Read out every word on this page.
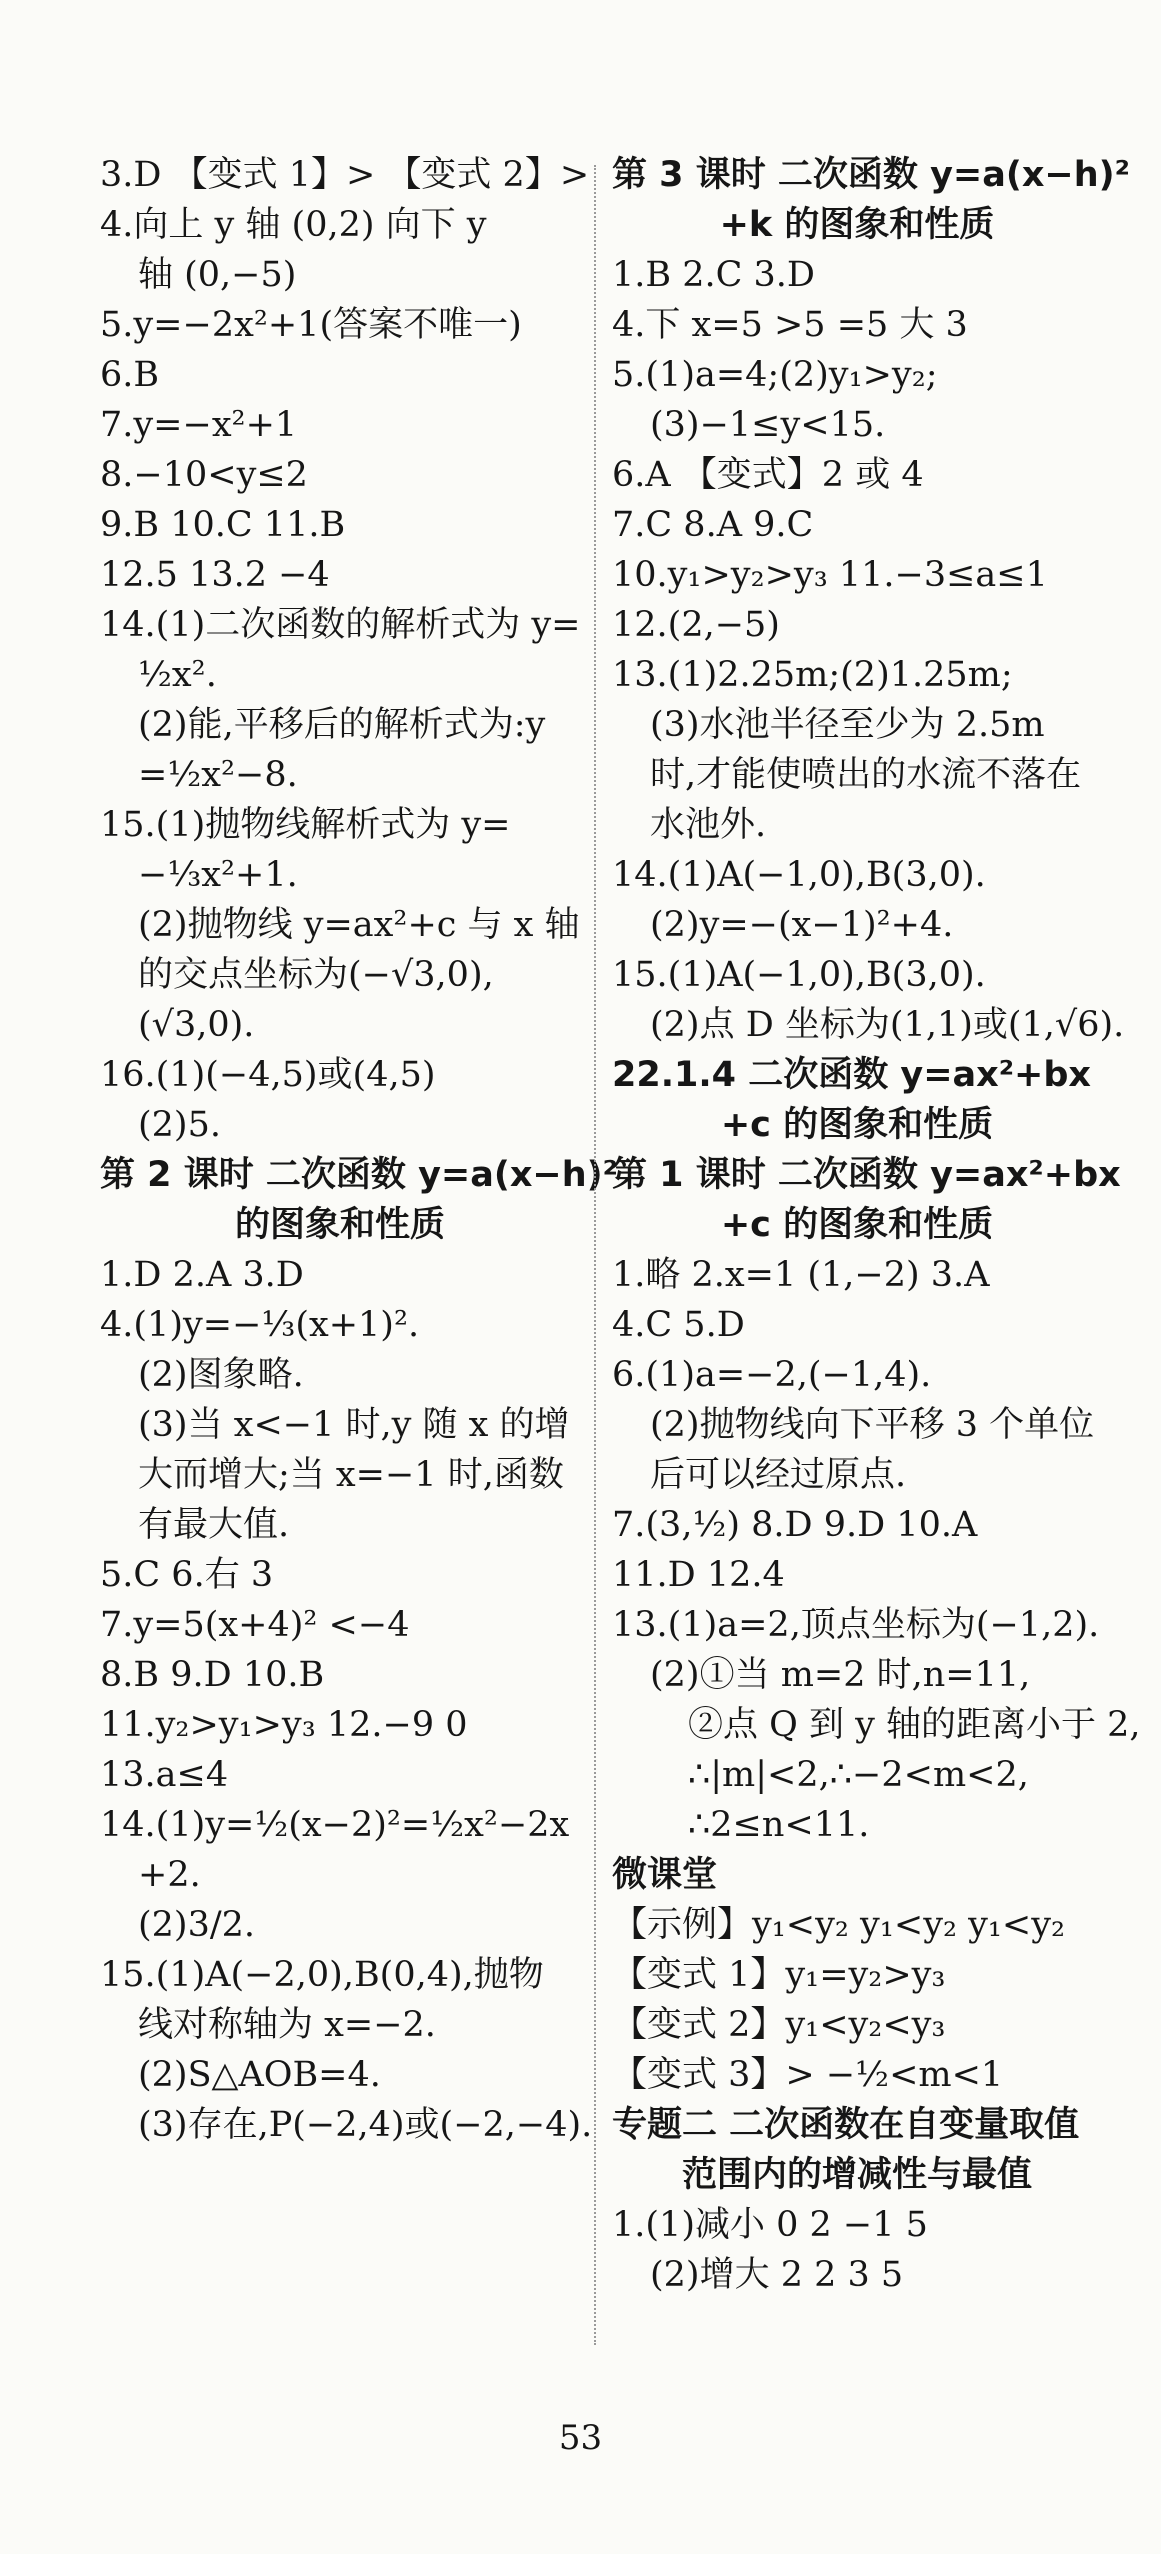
3.D 【变式 1】> 【变式 2】>
4.向上 y 轴 (0,2) 向下 y
轴 (0,−5)
5.y=−2x²+1(答案不唯一)
6.B
7.y=−x²+1
8.−10<y≤2
9.B 10.C 11.B
12.5 13.2 −4
14.(1)二次函数的解析式为 y=
½x².
(2)能,平移后的解析式为:y
=½x²−8.
15.(1)抛物线解析式为 y=
−⅓x²+1.
(2)抛物线 y=ax²+c 与 x 轴
的交点坐标为(−√3,0),
(√3,0).
16.(1)(−4,5)或(4,5)
(2)5.
第 2 课时 二次函数 y=a(x−h)²
的图象和性质
1.D 2.A 3.D
4.(1)y=−⅓(x+1)².
(2)图象略.
(3)当 x<−1 时,y 随 x 的增
大而增大;当 x=−1 时,函数
有最大值.
5.C 6.右 3
7.y=5(x+4)² <−4
8.B 9.D 10.B
11.y₂>y₁>y₃ 12.−9 0
13.a≤4
14.(1)y=½(x−2)²=½x²−2x
+2.
(2)3/2.
15.(1)A(−2,0),B(0,4),抛物
线对称轴为 x=−2.
(2)S△AOB=4.
(3)存在,P(−2,4)或(−2,−4).
第 3 课时 二次函数 y=a(x−h)²
+k 的图象和性质
1.B 2.C 3.D
4.下 x=5 >5 =5 大 3
5.(1)a=4;(2)y₁>y₂;
(3)−1≤y<15.
6.A 【变式】2 或 4
7.C 8.A 9.C
10.y₁>y₂>y₃ 11.−3≤a≤1
12.(2,−5)
13.(1)2.25m;(2)1.25m;
(3)水池半径至少为 2.5m
时,才能使喷出的水流不落在
水池外.
14.(1)A(−1,0),B(3,0).
(2)y=−(x−1)²+4.
15.(1)A(−1,0),B(3,0).
(2)点 D 坐标为(1,1)或(1,√6).
22.1.4 二次函数 y=ax²+bx
+c 的图象和性质
第 1 课时 二次函数 y=ax²+bx
+c 的图象和性质
1.略 2.x=1 (1,−2) 3.A
4.C 5.D
6.(1)a=−2,(−1,4).
(2)抛物线向下平移 3 个单位
后可以经过原点.
7.(3,½) 8.D 9.D 10.A
11.D 12.4
13.(1)a=2,顶点坐标为(−1,2).
(2)①当 m=2 时,n=11,
②点 Q 到 y 轴的距离小于 2,
∴|m|<2,∴−2<m<2,
∴2≤n<11.
微课堂
【示例】y₁<y₂ y₁<y₂ y₁<y₂
【变式 1】y₁=y₂>y₃
【变式 2】y₁<y₂<y₃
【变式 3】> −½<m<1
专题二 二次函数在自变量取值
范围内的增减性与最值
1.(1)减小 0 2 −1 5
(2)增大 2 2 3 5
53
